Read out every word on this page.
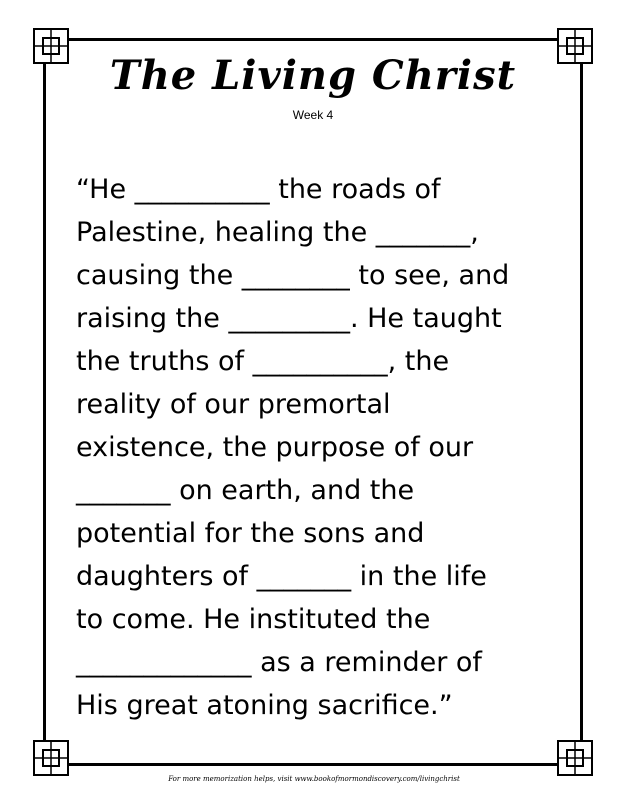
The Living Christ
Week 4

“He __________ the roads of
Palestine, healing the _______,
causing the ________ to see, and
raising the _________. He taught
the truths of __________, the
reality of our premortal
existence, the purpose of our
_______ on earth, and the
potential for the sons and
daughters of _______ in the life
to come. He instituted the
_____________ as a reminder of
His great atoning sacrifice.”

For more memorization helps, visit www.bookofmormondiscovery.com/livingchrist
